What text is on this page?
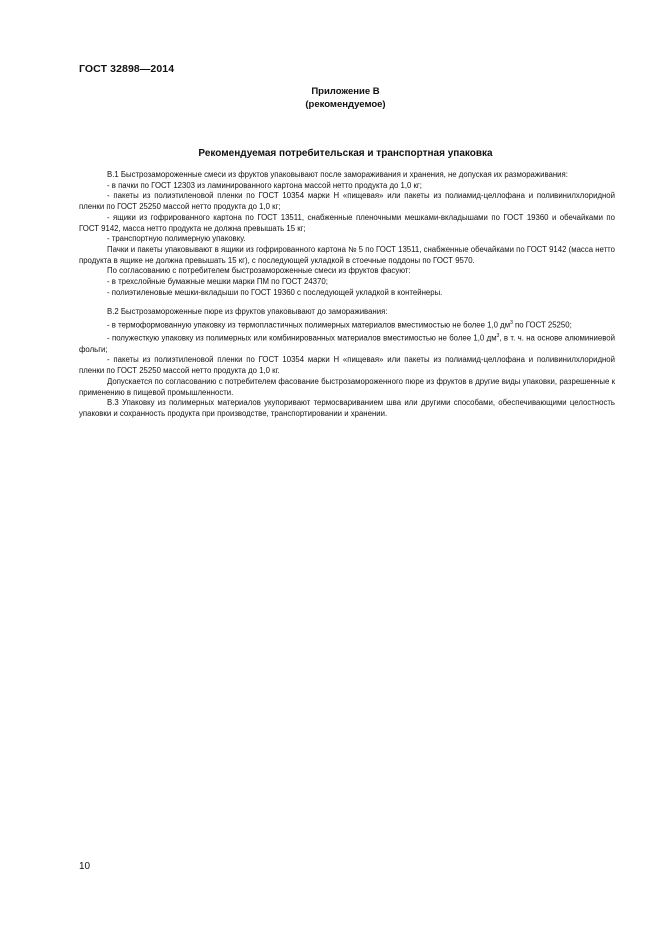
ГОСТ 32898—2014
Приложение В
(рекомендуемое)
Рекомендуемая потребительская и транспортная упаковка

В.1 Быстрозамороженные смеси из фруктов упаковывают после замораживания и хранения, не допуская их размораживания:

- в пачки по ГОСТ 12303 из ламинированного картона массой нетто продукта до 1,0 кг;

- пакеты из полиэтиленовой пленки по ГОСТ 10354 марки Н «пищевая» или пакеты из полиамид-целлофана и поливинилхлоридной пленки по ГОСТ 25250 массой нетто продукта до 1,0 кг;

- ящики из гофрированного картона по ГОСТ 13511, снабженные пленочными мешками-вкладышами по ГОСТ 19360 и обечайками по ГОСТ 9142, масса нетто продукта не должна превышать 15 кг;

- транспортную полимерную упаковку.

Пачки и пакеты упаковывают в ящики из гофрированного картона № 5 по ГОСТ 13511, снабженные обечайками по ГОСТ 9142 (масса нетто продукта в ящике не должна превышать 15 кг), с последующей укладкой в стоечные поддоны по ГОСТ 9570.

По согласованию с потребителем быстрозамороженные смеси из фруктов фасуют:

- в трехслойные бумажные мешки марки ПМ по ГОСТ 24370;

- полиэтиленовые мешки-вкладыши по ГОСТ 19360 с последующей укладкой в контейнеры.

В.2 Быстрозамороженные пюре из фруктов упаковывают до замораживания:

- в термоформованную упаковку из термопластичных полимерных материалов вместимостью не более 1,0 $дм^3$ по ГОСТ 25250;

- полужесткую упаковку из полимерных или комбинированных материалов вместимостью не более 1,0 $дм^3$, в т. ч. на основе алюминиевой фольги;

- пакеты из полиэтиленовой пленки по ГОСТ 10354 марки Н «пищевая» или пакеты из полиамид-целлофана и поливинилхлоридной пленки по ГОСТ 25250 массой нетто продукта до 1,0 кг.

Допускается по согласованию с потребителем фасование быстрозамороженного пюре из фруктов в другие виды упаковки, разрешенные к применению в пищевой промышленности.

В.3 Упаковку из полимерных материалов укупоривают термосвариванием шва или другими способами, обеспечивающими целостность упаковки и сохранность продукта при производстве, транспортировании и хранении.

10
